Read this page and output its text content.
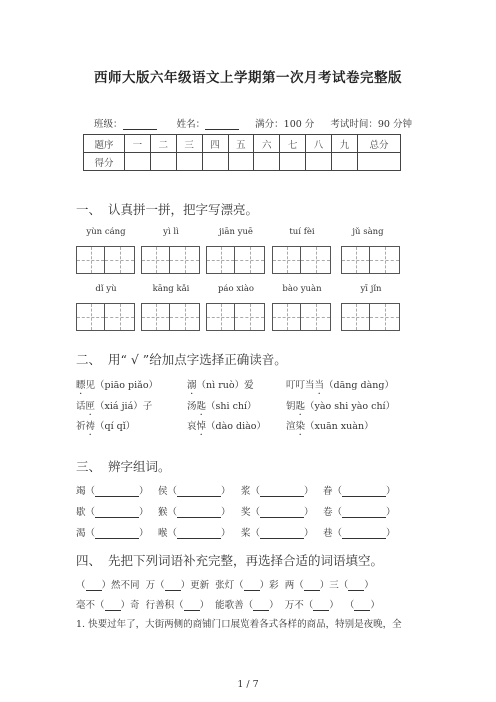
西师大版六年级语文上学期第一次月考试卷完整版
班级：	姓名：	满分：100 分 考试时间：90 分钟
题序	一	二	三	四	五	六	七	八	九	总分
得分										
一、 认真拼一拼，把字写漂亮。
yùn cáng	yì lì	jiān yuē	tuí fèi	jǔ sàng
dǐ yù	kāng kǎi	páo xiào	bào yuàn	yī jǐn
二、 用“ √ ”给加点字选择正确读音。
瞟见（piāo piǎo）	溺（nì ruò）爱	叮叮当当（dāng dàng）
话匣（xiá jiá）子	汤匙（shi chí）	钥匙（yào shi yào chí）
祈祷（qí qǐ）	哀悼（dào diào） 渲染（xuān xuàn）
三、 辨字组词。
竭（	） 侯（	） 浆（	） 眷（	）
歇（	） 猴（	） 奖（	） 卷（	）
渴（	） 喉（	） 桨（	） 巷（	）
四、 先把下列词语补充完整，再选择合适的词语填空。
（ ）然不同 万（ ）更新 张灯（ ）彩 两（ ）三（ ）
毫不（ ）奇 行善积（ ） 能歌善（ ） 万不（ ） （ ）
1. 快要过年了，大街两侧的商铺门口展览着各式各样的商品，特别是夜晚，全
1 / 7
